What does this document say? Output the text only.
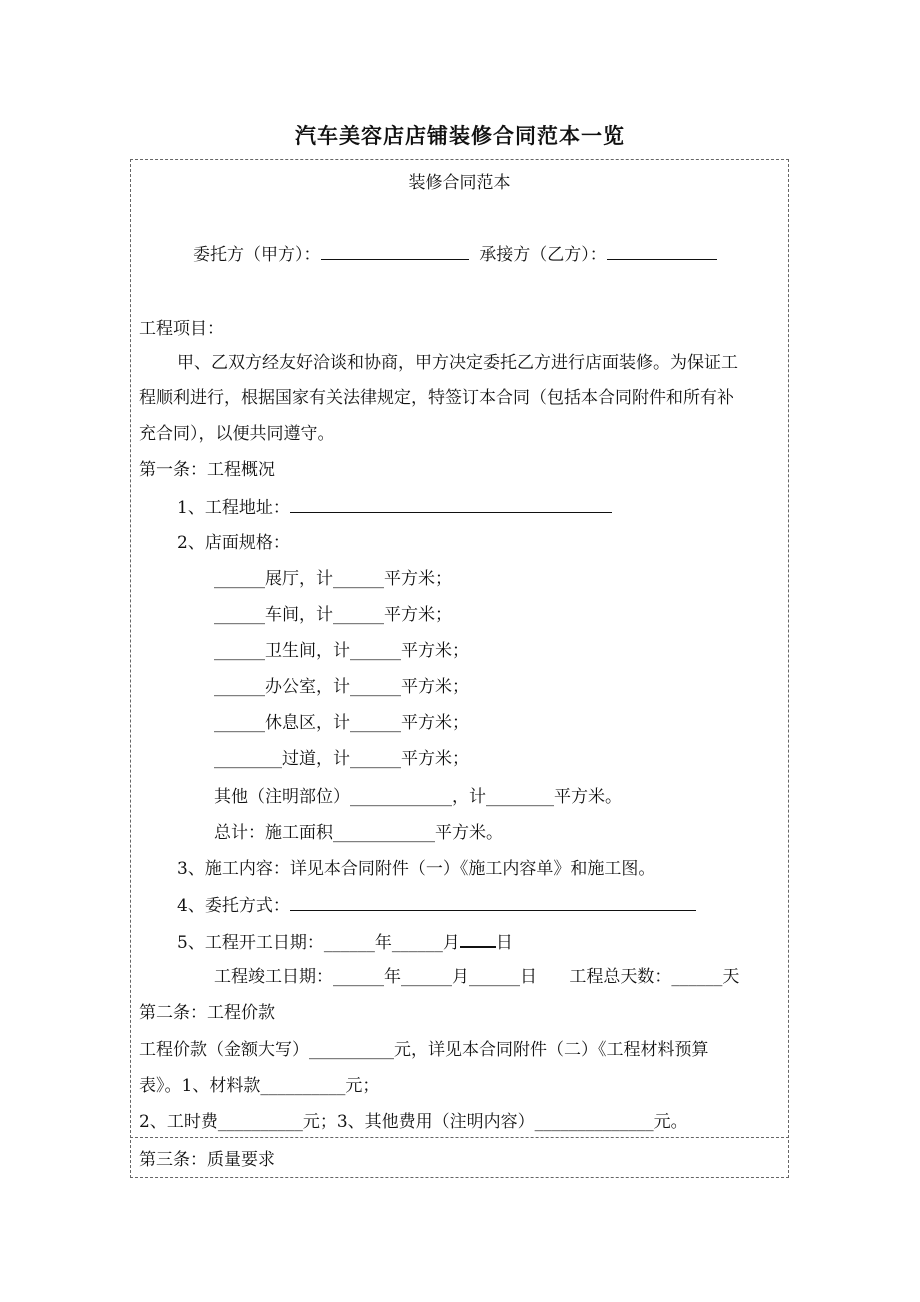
汽车美容店店铺装修合同范本一览
装修合同范本
委托方（甲方）：	承接方（乙方）：
工程项目：
甲、乙双方经友好洽谈和协商，甲方决定委托乙方进行店面装修。为保证工
程顺利进行，根据国家有关法律规定，特签订本合同（包括本合同附件和所有补
充合同），以便共同遵守。
第一条：工程概况
1、工程地址：
2、店面规格：
______展厅，计______平方米；
______车间，计______平方米；
______卫生间，计______平方米；
______办公室，计______平方米；
______休息区，计______平方米；
________过道，计______平方米；
其他（注明部位）____________，计________平方米。
总计：施工面积____________平方米。
3、施工内容：详见本合同附件（一）《施工内容单》和施工图。
4、委托方式：
5、工程开工日期：______年______月 日
工程竣工日期：______年______月______日      工程总天数：______天
第二条：工程价款
工程价款（金额大写）__________元，详见本合同附件（二）《工程材料预算
表》。1、材料款__________元；
2、工时费__________元；3、其他费用（注明内容）______________元。
第三条：质量要求
